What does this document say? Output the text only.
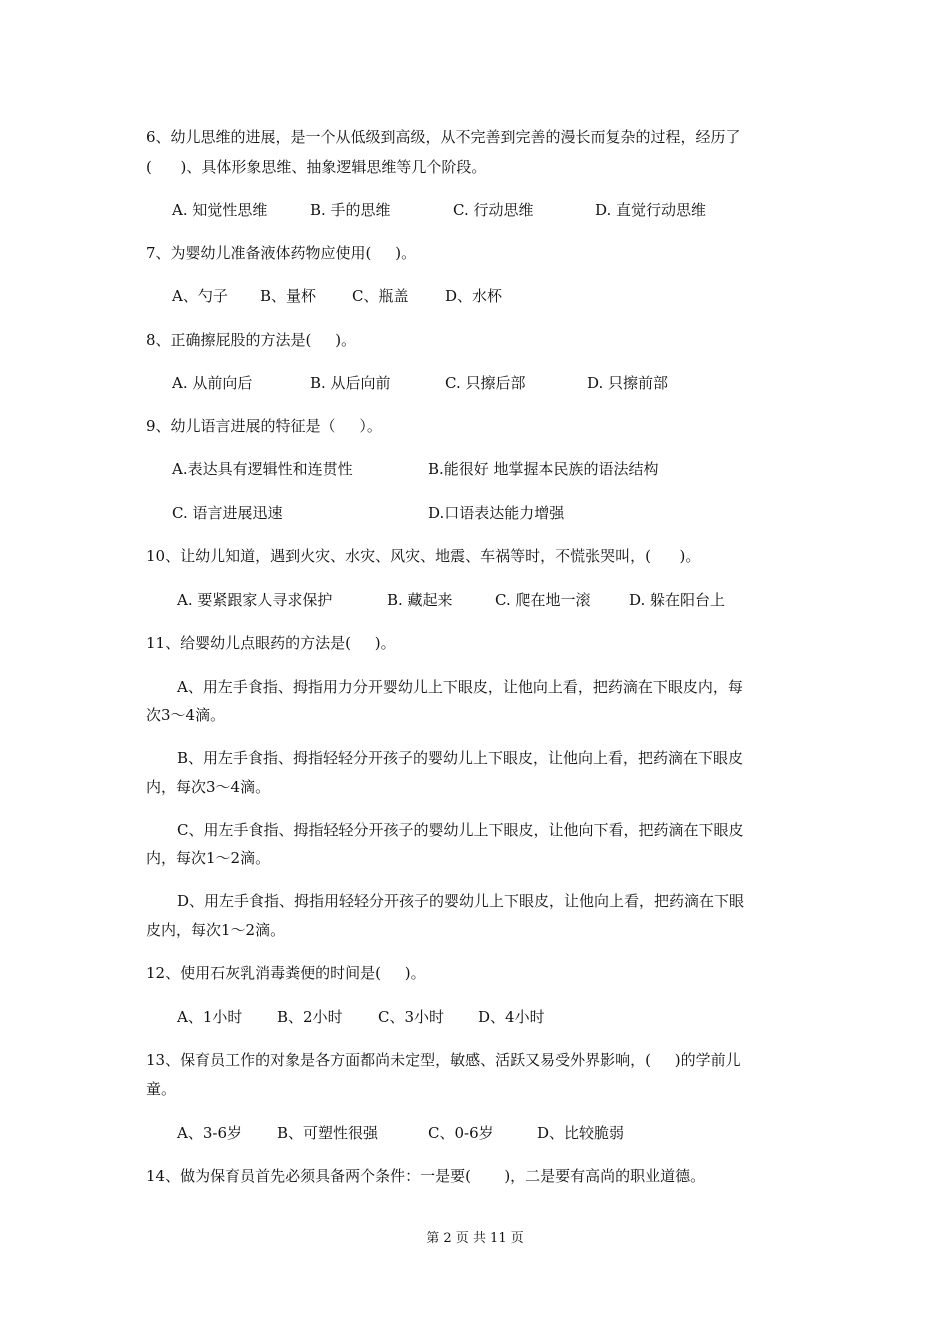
6、幼儿思维的进展，是一个从低级到高级，从不完善到完善的漫长而复杂的过程，经历了
(      )、具体形象思维、抽象逻辑思维等几个阶段。
A. 知觉性思维	B. 手的思维	C. 行动思维	D. 直觉行动思维
7、为婴幼儿准备液体药物应使用(     )。
A、勺子 B、量杯 C、瓶盖 D、水杯
8、正确擦屁股的方法是(     )。
A. 从前向后	B. 从后向前	C. 只擦后部	D. 只擦前部
9、幼儿语言进展的特征是（     ）。
A.表达具有逻辑性和连贯性	B.能很好 地掌握本民族的语法结构
C. 语言进展迅速	D.口语表达能力增强
10、让幼儿知道，遇到火灾、水灾、风灾、地震、车祸等时，不慌张哭叫，(      )。
A. 要紧跟家人寻求保护	B. 藏起来	C. 爬在地一滚	D. 躲在阳台上
11、给婴幼儿点眼药的方法是(     )。
A、用左手食指、拇指用力分开婴幼儿上下眼皮，让他向上看，把药滴在下眼皮内，每
次3～4滴。
B、用左手食指、拇指轻轻分开孩子的婴幼儿上下眼皮，让他向上看，把药滴在下眼皮
内，每次3～4滴。
C、用左手食指、拇指轻轻分开孩子的婴幼儿上下眼皮，让他向下看，把药滴在下眼皮
内，每次1～2滴。
D、用左手食指、拇指用轻轻分开孩子的婴幼儿上下眼皮，让他向上看，把药滴在下眼
皮内，每次1～2滴。
12、使用石灰乳消毒粪便的时间是(     )。
A、1小时 B、2小时 C、3小时 D、4小时
13、保育员工作的对象是各方面都尚未定型，敏感、活跃又易受外界影响，(     )的学前儿
童。
A、3-6岁 B、可塑性很强	C、0-6岁	D、比较脆弱
14、做为保育员首先必须具备两个条件：一是要(       )，二是要有高尚的职业道德。
第 2 页 共 11 页
